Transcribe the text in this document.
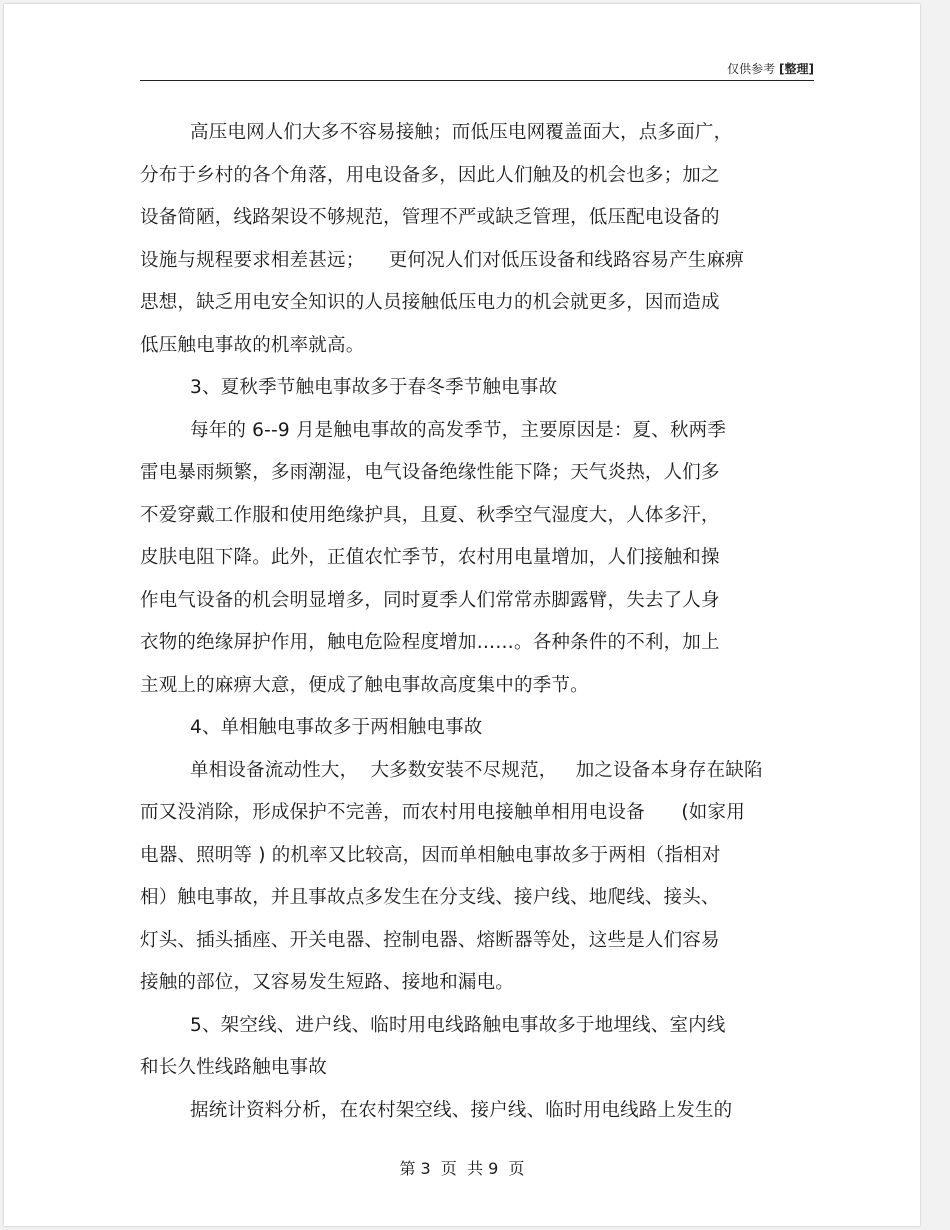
仅供参考 [整理]
高压电网人们大多不容易接触；而低压电网覆盖面大，点多面广，
分布于乡村的各个角落，用电设备多，因此人们触及的机会也多；加之
设备简陋，线路架设不够规范，管理不严或缺乏管理，低压配电设备的
设施与规程要求相差甚远；    更何况人们对低压设备和线路容易产生麻痹
思想，缺乏用电安全知识的人员接触低压电力的机会就更多，因而造成
低压触电事故的机率就高。
3、夏秋季节触电事故多于春冬季节触电事故
每年的 6--9 月是触电事故的高发季节，主要原因是：夏、秋两季
雷电暴雨频繁，多雨潮湿，电气设备绝缘性能下降；天气炎热，人们多
不爱穿戴工作服和使用绝缘护具，且夏、秋季空气湿度大，人体多汗，
皮肤电阻下降。此外，正值农忙季节，农村用电量增加，人们接触和操
作电气设备的机会明显增多，同时夏季人们常常赤脚露臂，失去了人身
衣物的绝缘屏护作用，触电危险程度增加……。各种条件的不利，加上
主观上的麻痹大意，便成了触电事故高度集中的季节。
4、单相触电事故多于两相触电事故
单相设备流动性大，  大多数安装不尽规范，   加之设备本身存在缺陷
而又没消除，形成保护不完善，而农村用电接触单相用电设备      (如家用
电器、照明等 ) 的机率又比较高，因而单相触电事故多于两相（指相对
相）触电事故，并且事故点多发生在分支线、接户线、地爬线、接头、
灯头、插头插座、开关电器、控制电器、熔断器等处，这些是人们容易
接触的部位，又容易发生短路、接地和漏电。
5、架空线、进户线、临时用电线路触电事故多于地埋线、室内线
和长久性线路触电事故
据统计资料分析，在农村架空线、接户线、临时用电线路上发生的
第 3  页  共 9  页
